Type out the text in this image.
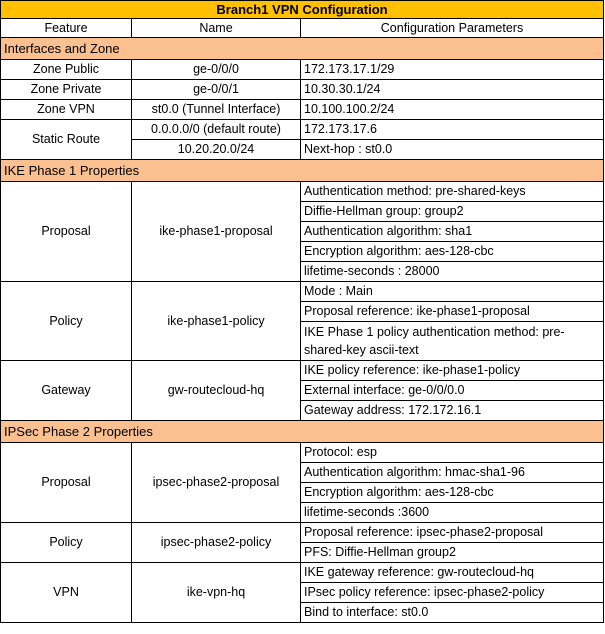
Branch1 VPN Configuration		
Feature	Name	Configuration Parameters
Interfaces and Zone		
Zone Public	ge-0/0/0	172.173.17.1/29
Zone Private	ge-0/0/1	10.30.30.1/24
Zone VPN	st0.0 (Tunnel Interface)	10.100.100.2/24
Static Route	0.0.0.0/0 (default route)	172.173.17.6
	10.20.20.0/24	Next-hop : st0.0
IKE Phase 1 Properties		
Proposal	ike-phase1-proposal	Authentication method: pre-shared-keys
		Diffie-Hellman group: group2
		Authentication algorithm: sha1
		Encryption algorithm: aes-128-cbc
		lifetime-seconds : 28000
Policy	ike-phase1-policy	Mode : Main
		Proposal reference: ike-phase1-proposal
		IKE Phase 1 policy authentication method: pre-shared-key ascii-text
Gateway	gw-routecloud-hq	IKE policy reference: ike-phase1-policy
		External interface: ge-0/0/0.0
		Gateway address: 172.172.16.1
IPSec Phase 2 Properties		
Proposal	ipsec-phase2-proposal	Protocol: esp
		Authentication algorithm: hmac-sha1-96
		Encryption algorithm: aes-128-cbc
		lifetime-seconds :3600
Policy	ipsec-phase2-policy	Proposal reference: ipsec-phase2-proposal
		PFS: Diffie-Hellman group2
VPN	ike-vpn-hq	IKE gateway reference: gw-routecloud-hq
		IPsec policy reference: ipsec-phase2-policy
		Bind to interface: st0.0
